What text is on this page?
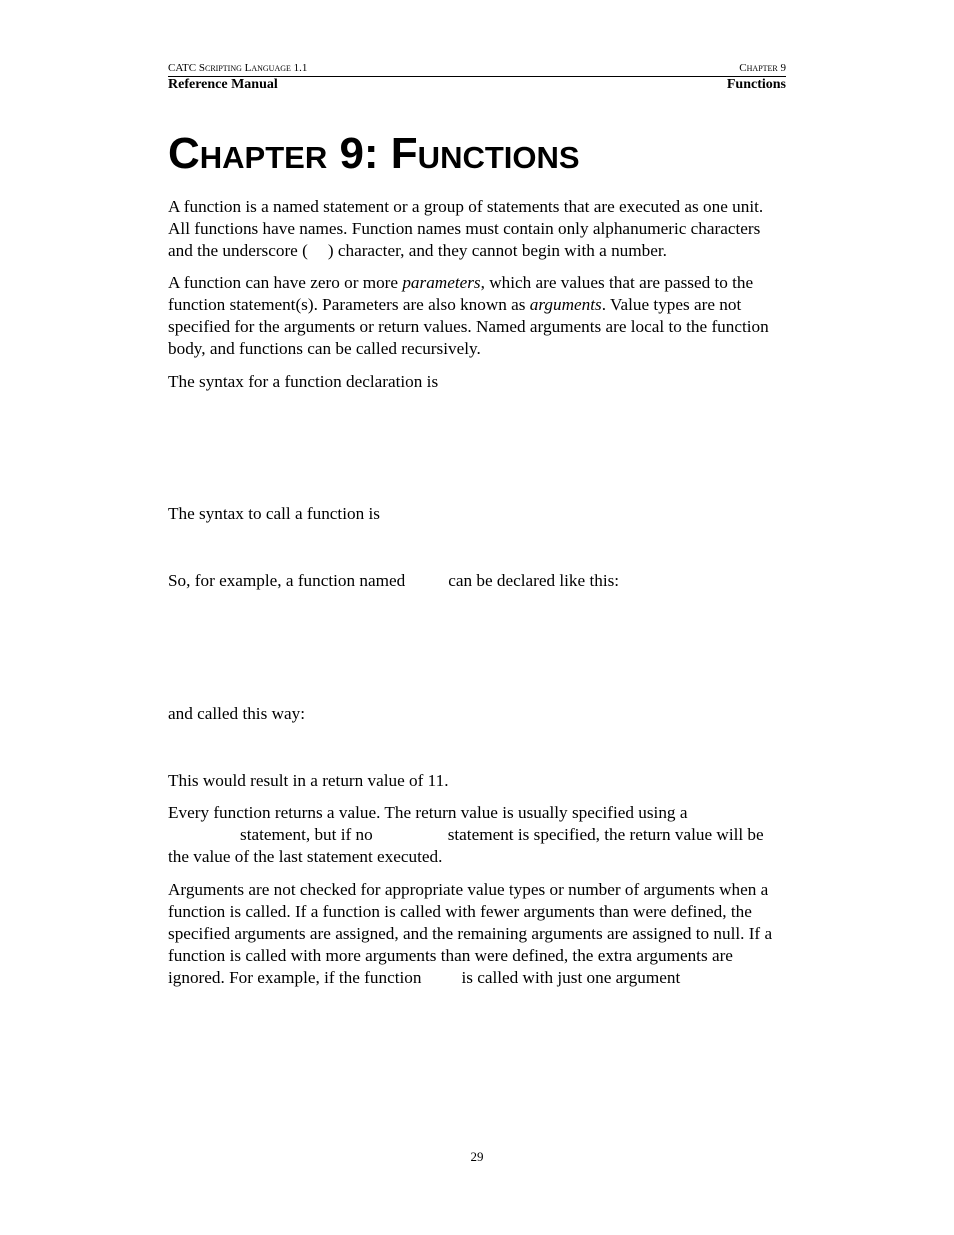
CATC Scripting Language 1.1	Chapter 9
Reference Manual	Functions
Chapter 9: Functions

A function is a named statement or a group of statements that are executed as one unit. All functions have names. Function names must contain only alphanumeric characters and the underscore ( ) character, and they cannot begin with a number.

A function can have zero or more parameters, which are values that are passed to the function statement(s). Parameters are also known as arguments. Value types are not specified for the arguments or return values. Named arguments are local to the function body, and functions can be called recursively.

The syntax for a function declaration is

The syntax to call a function is

So, for example, a function named	can be declared like this:

and called this way:

This would result in a return value of 11.

Every function returns a value. The return value is usually specified using a
statement, but if no	statement is specified, the return value will be the value of the last statement executed.

Arguments are not checked for appropriate value types or number of arguments when a function is called. If a function is called with fewer arguments than were defined, the specified arguments are assigned, and the remaining arguments are assigned to null. If a function is called with more arguments than were defined, the extra arguments are ignored. For example, if the function is called with just one argument

29
